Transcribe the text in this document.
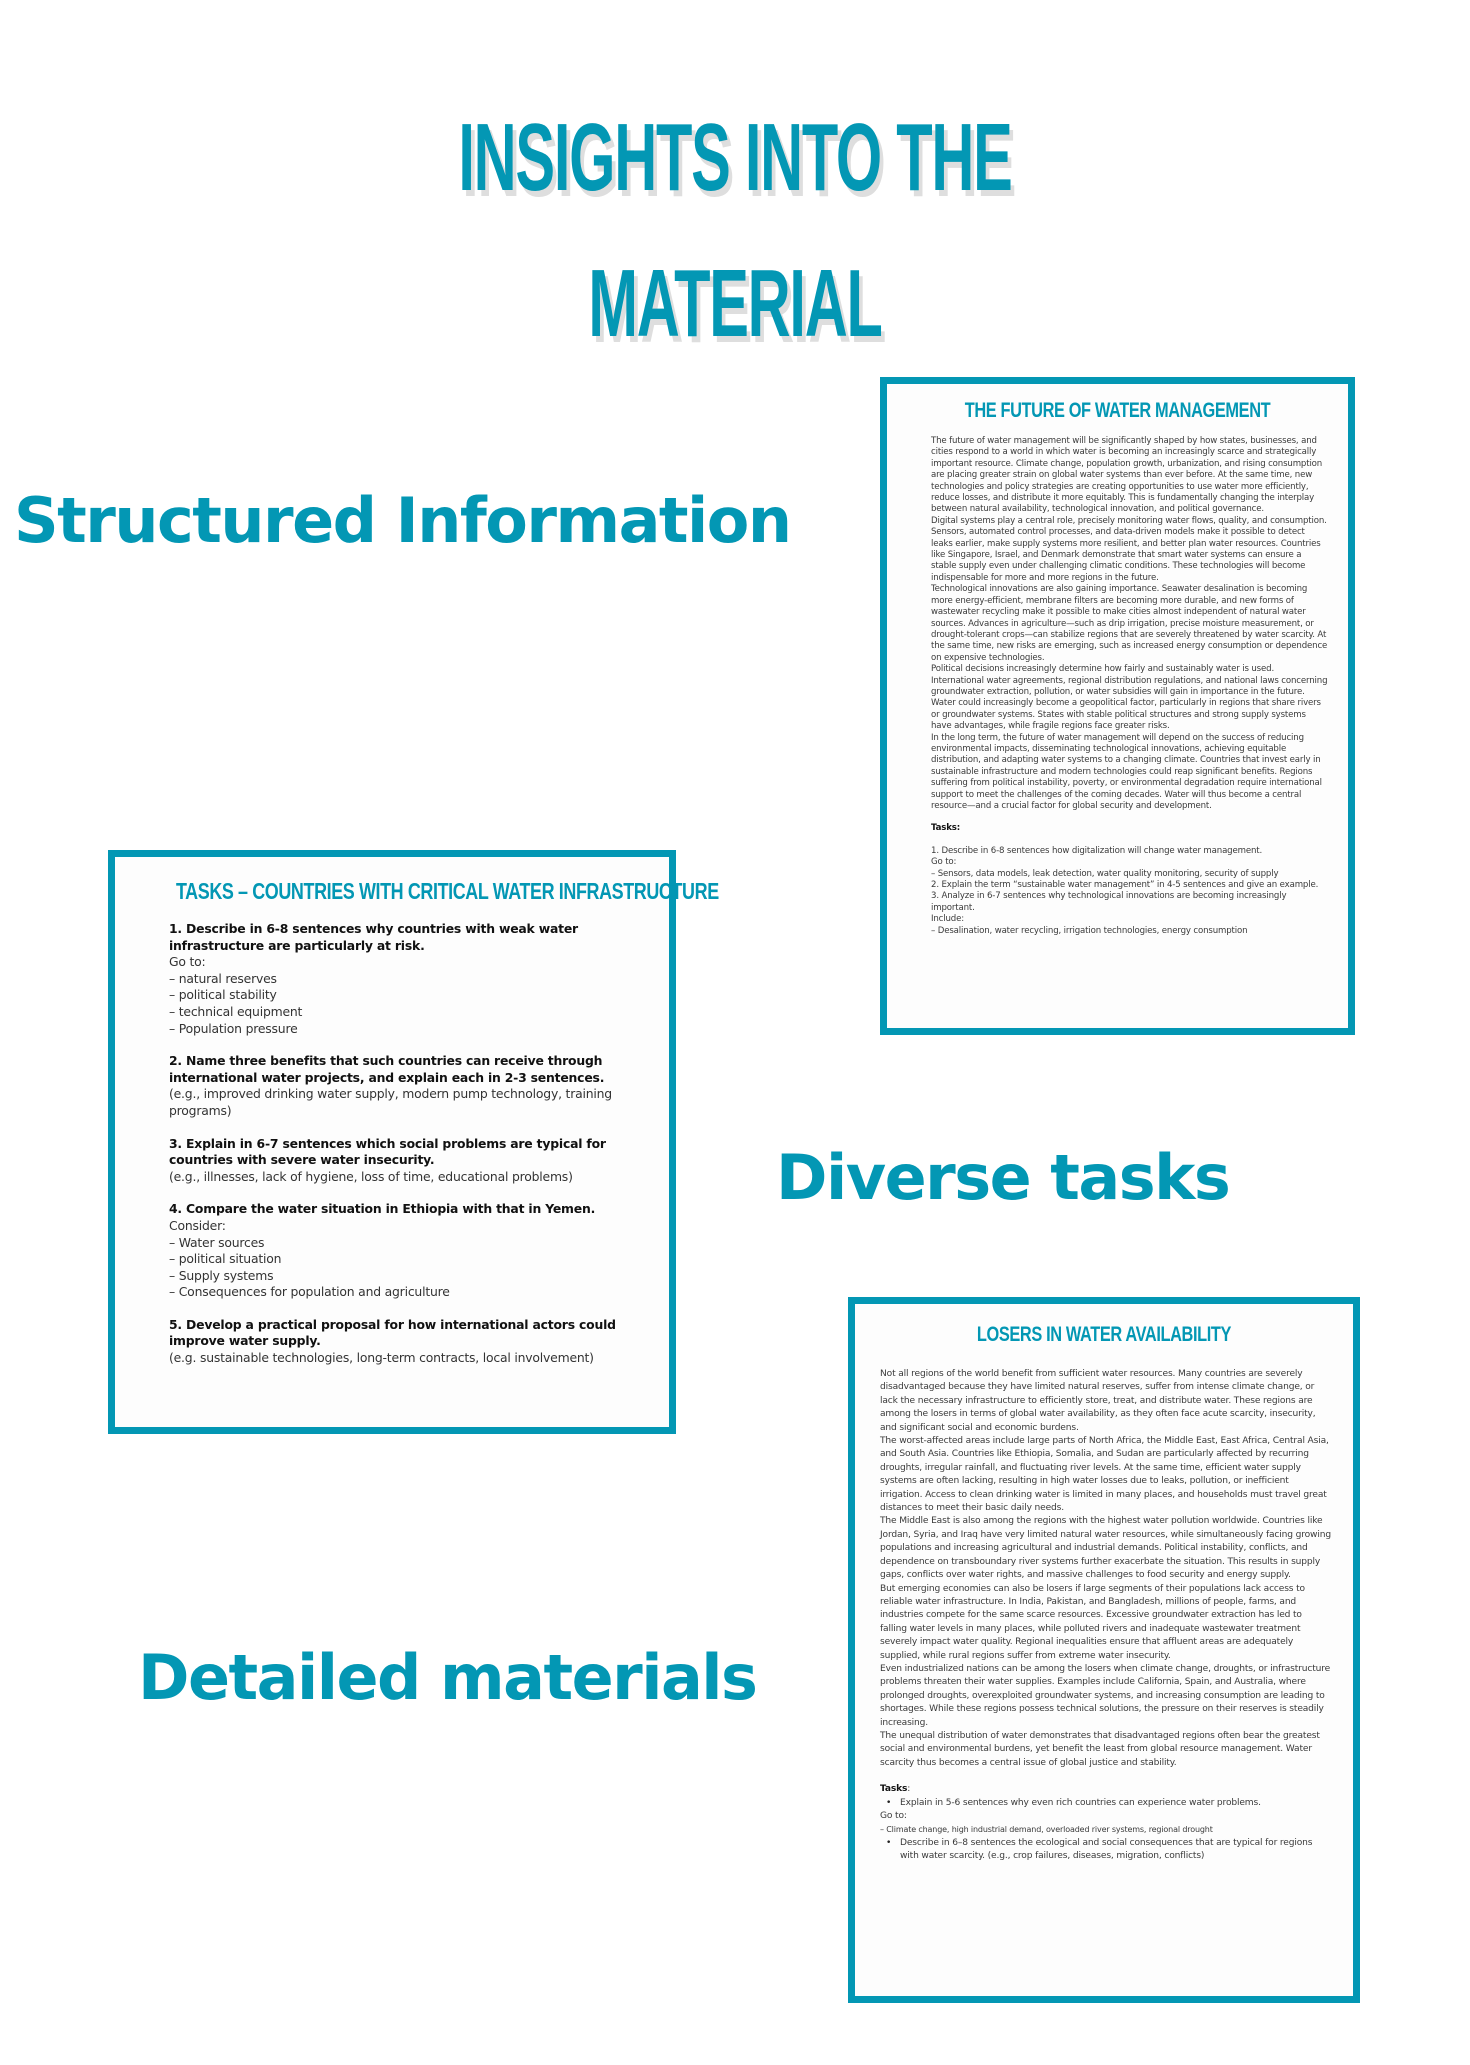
INSIGHTS INTO THE
MATERIAL
Structured Information
Diverse tasks
Detailed materials
THE FUTURE OF WATER MANAGEMENT

The future of water management will be significantly shaped by how states, businesses, and cities respond to a world in which water is becoming an increasingly scarce and strategically important resource. Climate change, population growth, urbanization, and rising consumption are placing greater strain on global water systems than ever before. At the same time, new technologies and policy strategies are creating opportunities to use water more efficiently, reduce losses, and distribute it more equitably. This is fundamentally changing the interplay between natural availability, technological innovation, and political governance.

Digital systems play a central role, precisely monitoring water flows, quality, and consumption. Sensors, automated control processes, and data-driven models make it possible to detect leaks earlier, make supply systems more resilient, and better plan water resources. Countries like Singapore, Israel, and Denmark demonstrate that smart water systems can ensure a stable supply even under challenging climatic conditions. These technologies will become indispensable for more and more regions in the future.

Technological innovations are also gaining importance. Seawater desalination is becoming more energy-efficient, membrane filters are becoming more durable, and new forms of wastewater recycling make it possible to make cities almost independent of natural water sources. Advances in agriculture—such as drip irrigation, precise moisture measurement, or drought-tolerant crops—can stabilize regions that are severely threatened by water scarcity. At the same time, new risks are emerging, such as increased energy consumption or dependence on expensive technologies.

Political decisions increasingly determine how fairly and sustainably water is used. International water agreements, regional distribution regulations, and national laws concerning groundwater extraction, pollution, or water subsidies will gain in importance in the future. Water could increasingly become a geopolitical factor, particularly in regions that share rivers or groundwater systems. States with stable political structures and strong supply systems have advantages, while fragile regions face greater risks.

In the long term, the future of water management will depend on the success of reducing environmental impacts, disseminating technological innovations, achieving equitable distribution, and adapting water systems to a changing climate. Countries that invest early in sustainable infrastructure and modern technologies could reap significant benefits. Regions suffering from political instability, poverty, or environmental degradation require international support to meet the challenges of the coming decades. Water will thus become a central resource—and a crucial factor for global security and development.

Tasks:

1. Describe in 6-8 sentences how digitalization will change water management.

Go to:

– Sensors, data models, leak detection, water quality monitoring, security of supply

2. Explain the term “sustainable water management” in 4-5 sentences and give an example.

3. Analyze in 6-7 sentences why technological innovations are becoming increasingly important.

Include:

– Desalination, water recycling, irrigation technologies, energy consumption

TASKS – COUNTRIES WITH CRITICAL WATER INFRASTRUCTURE

1. Describe in 6-8 sentences why countries with weak water infrastructure are particularly at risk.

Go to:

– natural reserves

– political stability

– technical equipment

– Population pressure

2. Name three benefits that such countries can receive through international water projects, and explain each in 2-3 sentences.

(e.g., improved drinking water supply, modern pump technology, training programs)

3. Explain in 6-7 sentences which social problems are typical for countries with severe water insecurity.

(e.g., illnesses, lack of hygiene, loss of time, educational problems)

4. Compare the water situation in Ethiopia with that in Yemen.

Consider:

– Water sources

– political situation

– Supply systems

– Consequences for population and agriculture

5. Develop a practical proposal for how international actors could improve water supply.

(e.g. sustainable technologies, long-term contracts, local involvement)

LOSERS IN WATER AVAILABILITY

Not all regions of the world benefit from sufficient water resources. Many countries are severely disadvantaged because they have limited natural reserves, suffer from intense climate change, or lack the necessary infrastructure to efficiently store, treat, and distribute water. These regions are among the losers in terms of global water availability, as they often face acute scarcity, insecurity, and significant social and economic burdens.

The worst-affected areas include large parts of North Africa, the Middle East, East Africa, Central Asia, and South Asia. Countries like Ethiopia, Somalia, and Sudan are particularly affected by recurring droughts, irregular rainfall, and fluctuating river levels. At the same time, efficient water supply systems are often lacking, resulting in high water losses due to leaks, pollution, or inefficient irrigation. Access to clean drinking water is limited in many places, and households must travel great distances to meet their basic daily needs.

The Middle East is also among the regions with the highest water pollution worldwide. Countries like Jordan, Syria, and Iraq have very limited natural water resources, while simultaneously facing growing populations and increasing agricultural and industrial demands. Political instability, conflicts, and dependence on transboundary river systems further exacerbate the situation. This results in supply gaps, conflicts over water rights, and massive challenges to food security and energy supply.

But emerging economies can also be losers if large segments of their populations lack access to reliable water infrastructure. In India, Pakistan, and Bangladesh, millions of people, farms, and industries compete for the same scarce resources. Excessive groundwater extraction has led to falling water levels in many places, while polluted rivers and inadequate wastewater treatment severely impact water quality. Regional inequalities ensure that affluent areas are adequately supplied, while rural regions suffer from extreme water insecurity.

Even industrialized nations can be among the losers when climate change, droughts, or infrastructure problems threaten their water supplies. Examples include California, Spain, and Australia, where prolonged droughts, overexploited groundwater systems, and increasing consumption are leading to shortages. While these regions possess technical solutions, the pressure on their reserves is steadily increasing.

The unequal distribution of water demonstrates that disadvantaged regions often bear the greatest social and environmental burdens, yet benefit the least from global resource management. Water scarcity thus becomes a central issue of global justice and stability.

Tasks:

• Explain in 5-6 sentences why even rich countries can experience water problems.

Go to:

– Climate change, high industrial demand, overloaded river systems, regional drought

• Describe in 6–8 sentences the ecological and social consequences that are typical for regions with water scarcity. (e.g., crop failures, diseases, migration, conflicts)
